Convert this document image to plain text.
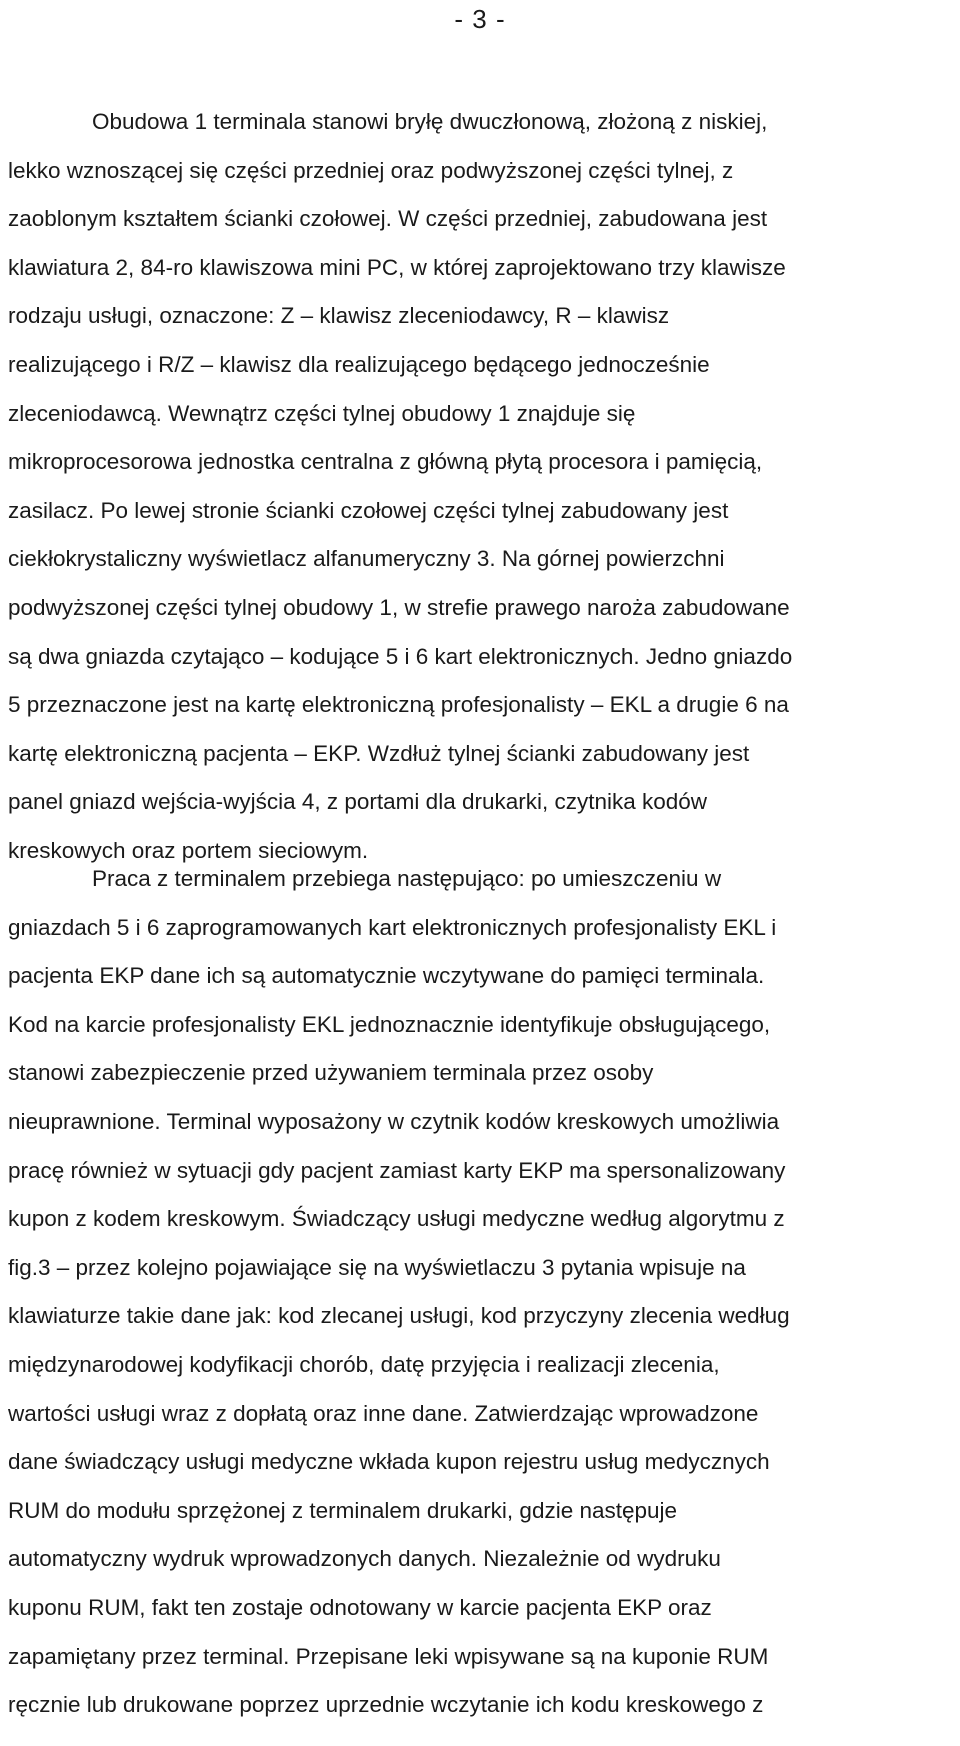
- 3 -
Obudowa 1 terminala stanowi bryłę dwuczłonową, złożoną z niskiej,
lekko wznoszącej się części przedniej oraz podwyższonej części tylnej, z
zaoblonym kształtem ścianki czołowej. W części przedniej, zabudowana jest
klawiatura 2, 84-ro klawiszowa mini PC, w której zaprojektowano trzy klawisze
rodzaju usługi, oznaczone: Z – klawisz zleceniodawcy, R – klawisz
realizującego i R/Z – klawisz dla realizującego będącego jednocześnie
zleceniodawcą. Wewnątrz części tylnej obudowy 1 znajduje się
mikroprocesorowa jednostka centralna z główną płytą procesora i pamięcią,
zasilacz. Po lewej stronie ścianki czołowej części tylnej zabudowany jest
ciekłokrystaliczny wyświetlacz alfanumeryczny 3. Na górnej powierzchni
podwyższonej części tylnej obudowy 1, w strefie prawego naroża zabudowane
są dwa gniazda czytająco – kodujące 5 i 6 kart elektronicznych. Jedno gniazdo
5 przeznaczone jest na kartę elektroniczną profesjonalisty – EKL a drugie 6 na
kartę elektroniczną pacjenta – EKP. Wzdłuż tylnej ścianki zabudowany jest
panel gniazd wejścia-wyjścia 4, z portami dla drukarki, czytnika kodów
kreskowych oraz portem sieciowym.
Praca z terminalem przebiega następująco: po umieszczeniu w
gniazdach 5 i 6 zaprogramowanych kart elektronicznych profesjonalisty EKL i
pacjenta EKP dane ich są automatycznie wczytywane do pamięci terminala.
Kod na karcie profesjonalisty EKL jednoznacznie identyfikuje obsługującego,
stanowi zabezpieczenie przed używaniem terminala przez osoby
nieuprawnione. Terminal wyposażony w czytnik kodów kreskowych umożliwia
pracę również w sytuacji gdy pacjent zamiast karty EKP ma spersonalizowany
kupon z kodem kreskowym. Świadczący usługi medyczne według algorytmu z
fig.3 – przez kolejno pojawiające się na wyświetlaczu 3 pytania wpisuje na
klawiaturze takie dane jak: kod zlecanej usługi, kod przyczyny zlecenia według
międzynarodowej kodyfikacji chorób, datę przyjęcia i realizacji zlecenia,
wartości usługi wraz z dopłatą oraz inne dane. Zatwierdzając wprowadzone
dane świadczący usługi medyczne wkłada kupon rejestru usług medycznych
RUM do modułu sprzężonej z terminalem drukarki, gdzie następuje
automatyczny wydruk wprowadzonych danych. Niezależnie od wydruku
kuponu RUM, fakt ten zostaje odnotowany w karcie pacjenta EKP oraz
zapamiętany przez terminal. Przepisane leki wpisywane są na kuponie RUM
ręcznie lub drukowane poprzez uprzednie wczytanie ich kodu kreskowego z
